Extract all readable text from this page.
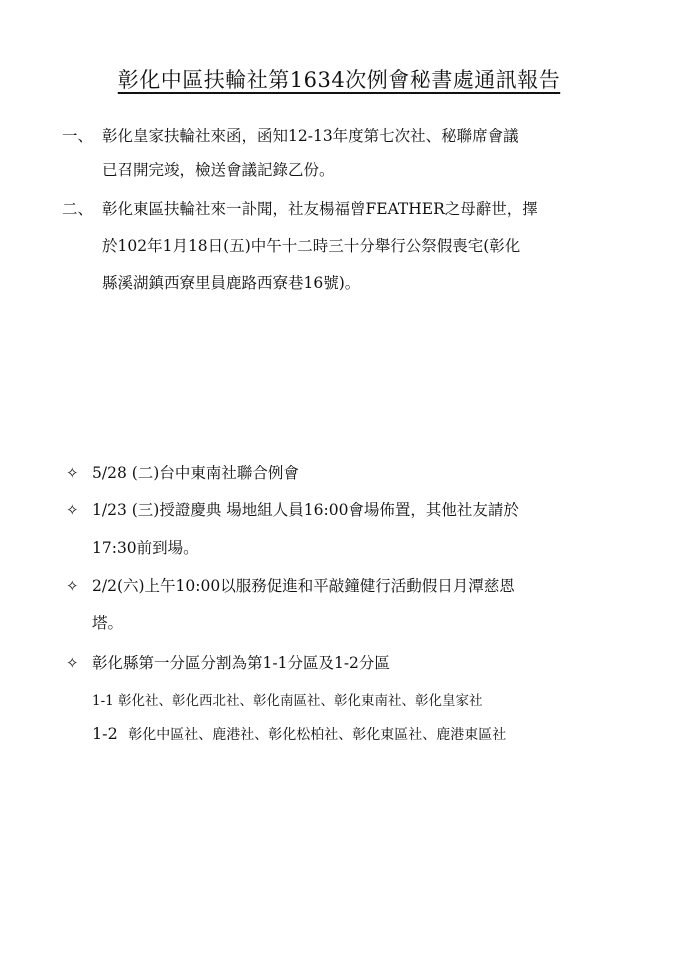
彰化中區扶輪社第1634次例會秘書處通訊報告
一、 彰化皇家扶輪社來函，函知12-13年度第七次社、秘聯席會議
已召開完竣，檢送會議記錄乙份。
二、 彰化東區扶輪社來一訃聞，社友楊福曾FEATHER之母辭世，擇
於102年1月18日(五)中午十二時三十分舉行公祭假喪宅(彰化
縣溪湖鎮西寮里員鹿路西寮巷16號)。
✧ 5/28 (二)台中東南社聯合例會
✧ 1/23 (三)授證慶典 場地組人員16:00會場佈置，其他社友請於
17:30前到場。
✧ 2/2(六)上午10:00以服務促進和平敲鐘健行活動假日月潭慈恩
塔。
✧ 彰化縣第一分區分割為第1-1分區及1-2分區
1-1 彰化社、彰化西北社、彰化南區社、彰化東南社、彰化皇家社
1-2 彰化中區社、鹿港社、彰化松柏社、彰化東區社、鹿港東區社
